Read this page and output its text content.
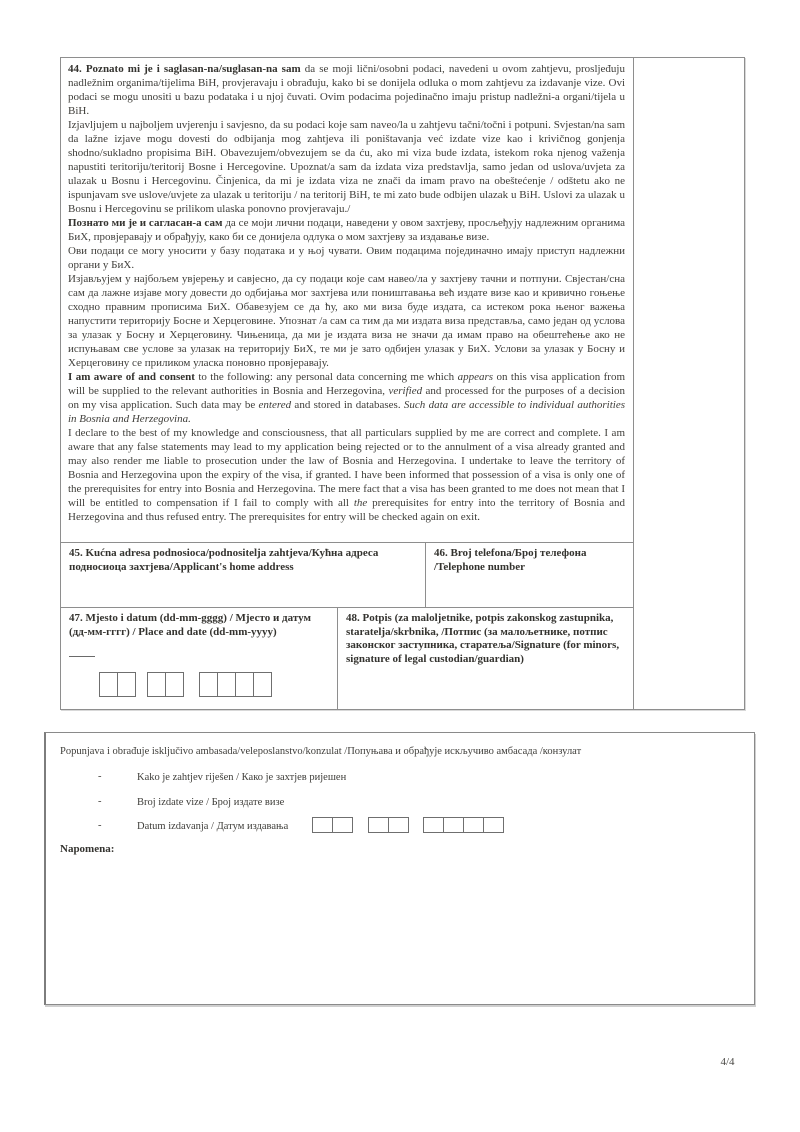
44. Poznato mi je i saglasan-na/suglasan-na sam da se moji lični/osobni podaci, navedeni u ovom zahtjevu, prosljeđuju nadležnim organima/tijelima BiH, provjeravaju i obrađuju, kako bi se donijela odluka o mom zahtjevu za izdavanje vize. Ovi podaci se mogu unositi u bazu podataka i u njoj čuvati. Ovim podacima pojedinačno imaju pristup nadležni-a organi/tijela u BiH.

Izjavljujem u najboljem uvjerenju i savjesno, da su podaci koje sam naveo/la u zahtjevu tačni/točni i potpuni. Svjestan/na sam da lažne izjave mogu dovesti do odbijanja mog zahtjeva ili poništavanja već izdate vize kao i krivičnog gonjenja shodno/sukladno propisima BiH. Obavezujem/obvezujem se da ću, ako mi viza bude izdata, istekom roka njenog važenja napustiti teritoriju/teritorij Bosne i Hercegovine. Upoznat/a sam da izdata viza predstavlja, samo jedan od uslova/uvjeta za ulazak u Bosnu i Hercegovinu. Činjenica, da mi je izdata viza ne znači da imam pravo na obeštećenje / odštetu ako ne ispunjavam sve uslove/uvjete za ulazak u teritoriju / na teritorij BiH, te mi zato bude odbijen ulazak u BiH. Uslovi za ulazak u Bosnu i Hercegovinu se prilikom ulaska ponovno provjeravaju./

Познато ми је и сагласан-а сам да се моји лични подаци, наведени у овом захтјеву, просљеђују надлежним органима БиХ, провјеравају и обрађују, како би се донијела одлука о мом захтјеву за издавање визе.

Ови подаци се могу уносити у базу података и у њој чувати. Овим подацима појединачно имају приступ надлежни органи у БиХ.

Изјављујем у најбољем увјерењу и савјесно, да су подаци које сам навео/ла у захтјеву тачни и потпуни. Свјестан/сна сам да лажне изјаве могу довести до одбијања мог захтјева или поништавања већ издате визе као и кривично гоњење сходно правним прописима БиХ. Обавезујем се да ћу, ако ми виза буде издата, са истеком рока њеног важења напустити територију Босне и Херцеговине. Упознат /а сам са тим да ми издата виза представља, само један од услова за улазак у Босну и Херцеговину. Чињеница, да ми је издата виза не значи да имам право на обештећење ако не испуњавам све услове за улазак на територију БиХ, те ми је зато одбијен улазак у БиХ. Услови за улазак у Босну и Херцеговину се приликом уласка поновно провјеравају.

I am aware of and consent to the following: any personal data concerning me which appears on this visa application from will be supplied to the relevant authorities in Bosnia and Herzegovina, verified and processed for the purposes of a decision on my visa application. Such data may be entered and stored in databases. Such data are accessible to individual authorities in Bosnia and Herzegovina.

I declare to the best of my knowledge and consciousness, that all particulars supplied by me are correct and complete. I am aware that any false statements may lead to my application being rejected or to the annulment of a visa already granted and may also render me liable to prosecution under the law of Bosnia and Herzegovina. I undertake to leave the territory of Bosnia and Herzegovina upon the expiry of the visa, if granted. I have been informed that possession of a visa is only one of the prerequisites for entry into Bosnia and Herzegovina. The mere fact that a visa has been granted to me does not mean that I will be entitled to compensation if I fail to comply with all the prerequisites for entry into the territory of Bosnia and Herzegovina and thus refused entry. The prerequisites for entry will be checked again on exit.

45. Kućna adresa podnosioca/podnositelja zahtjeva/Кућна адреса подносиоца захтјева/Applicant's home address

46. Broj telefona/Број телефона /Telephone number

47. Mjesto i datum (dd-mm-gggg) / Мјесто и датум (дд-мм-гггг) / Place and date (dd-mm-yyyy)

48. Potpis (za maloljetnike, potpis zakonskog zastupnika, staratelja/skrbnika, /Потпис (за малољетнике, потпис законског заступника, старатеља/Signature (for minors, signature of legal custodian/guardian)

Popunjava i obrađuje isključivo ambasada/veleposlanstvo/konzulat /Попуњава и обрађује искључиво амбасада /конзулат
-	Kako je zahtjev riješen / Како је захтјев ријешен
-	Broj izdate vize / Број издате визе
-	Datum izdavanja / Датум издавања
Napomena:
4/4
